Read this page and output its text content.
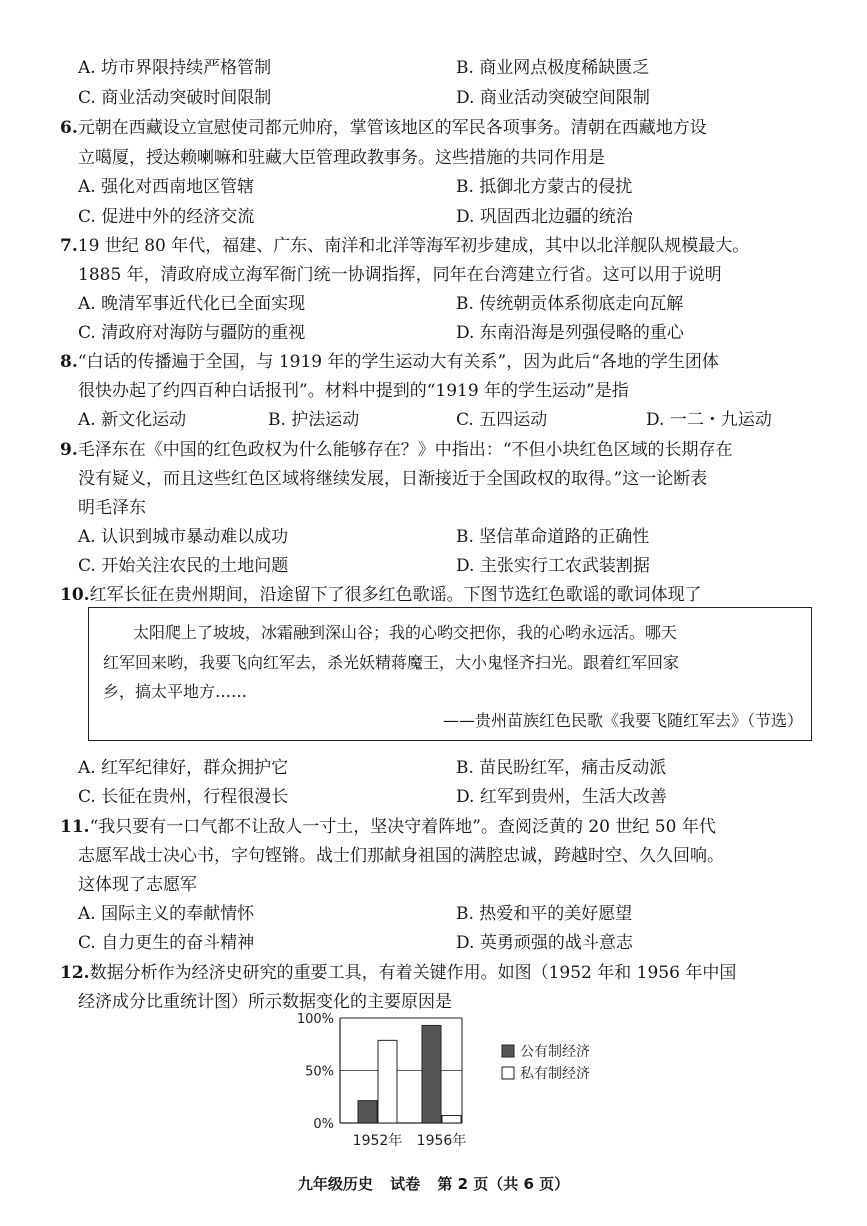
A. 坊市界限持续严格管制	B. 商业网点极度稀缺匮乏
C. 商业活动突破时间限制	D. 商业活动突破空间限制
6.元朝在西藏设立宣慰使司都元帅府，掌管该地区的军民各项事务。清朝在西藏地方设
立噶厦，授达赖喇嘛和驻藏大臣管理政教事务。这些措施的共同作用是
A. 强化对西南地区管辖	B. 抵御北方蒙古的侵扰
C. 促进中外的经济交流	D. 巩固西北边疆的统治
7.19 世纪 80 年代，福建、广东、南洋和北洋等海军初步建成，其中以北洋舰队规模最大。
1885 年，清政府成立海军衙门统一协调指挥，同年在台湾建立行省。这可以用于说明
A. 晚清军事近代化已全面实现	B. 传统朝贡体系彻底走向瓦解
C. 清政府对海防与疆防的重视	D. 东南沿海是列强侵略的重心
8.“白话的传播遍于全国，与 1919 年的学生运动大有关系”，因为此后“各地的学生团体
很快办起了约四百种白话报刊”。材料中提到的“1919 年的学生运动”是指
A. 新文化运动	B. 护法运动	C. 五四运动	D. 一二・九运动
9.毛泽东在《中国的红色政权为什么能够存在？》中指出：“不但小块红色区域的长期存在
没有疑义，而且这些红色区域将继续发展，日渐接近于全国政权的取得。”这一论断表
明毛泽东
A. 认识到城市暴动难以成功	B. 坚信革命道路的正确性
C. 开始关注农民的土地问题	D. 主张实行工农武装割据
10.红军长征在贵州期间，沿途留下了很多红色歌谣。下图节选红色歌谣的歌词体现了
太阳爬上了坡坡，冰霜融到深山谷；我的心哟交把你，我的心哟永远活。哪天
红军回来哟，我要飞向红军去，杀光妖精蒋魔王，大小鬼怪齐扫光。跟着红军回家
乡，搞太平地方……
——贵州苗族红色民歌《我要飞随红军去》（节选）
A. 红军纪律好，群众拥护它	B. 苗民盼红军，痛击反动派
C. 长征在贵州，行程很漫长	D. 红军到贵州，生活大改善
11.“我只要有一口气都不让敌人一寸土，坚决守着阵地”。查阅泛黄的 20 世纪 50 年代
志愿军战士决心书，字句铿锵。战士们那献身祖国的满腔忠诚，跨越时空、久久回响。
这体现了志愿军
A. 国际主义的奉献情怀	B. 热爱和平的美好愿望
C. 自力更生的奋斗精神	D. 英勇顽强的战斗意志
12.数据分析作为经济史研究的重要工具，有着关键作用。如图（1952 年和 1956 年中国
经济成分比重统计图）所示数据变化的主要原因是
0%
50%
100%
1952年 1956年
公有制经济
私有制经济
九年级历史 试卷 第 2 页（共 6 页）
